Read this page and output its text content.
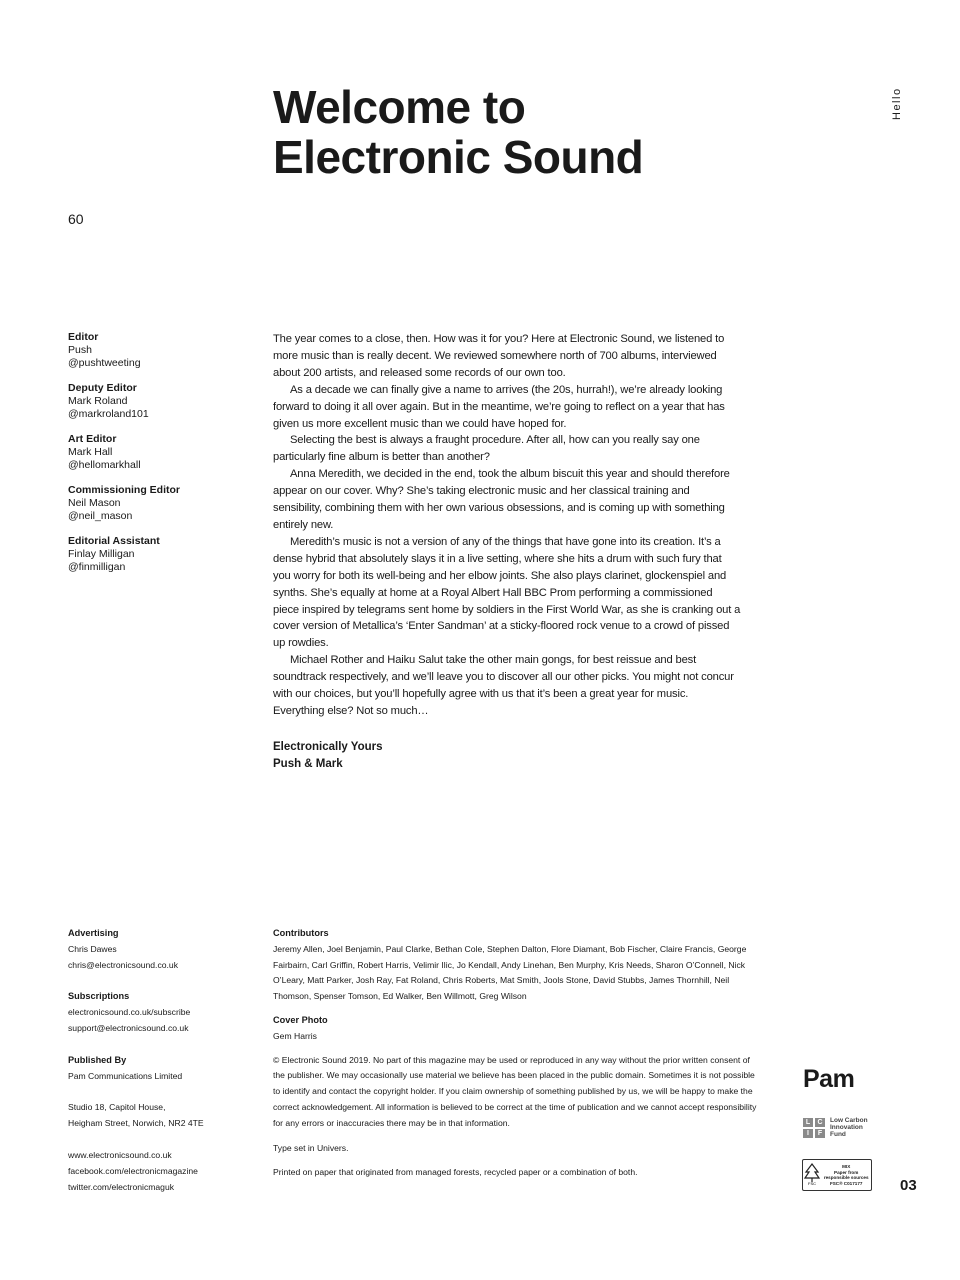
Welcome to
Electronic Sound
Hello
60
Editor
Push
@pushtweeting
Deputy Editor
Mark Roland
@markroland101
Art Editor
Mark Hall
@hellomarkhall
Commissioning Editor
Neil Mason
@neil_mason
Editorial Assistant
Finlay Milligan
@finmilligan

The year comes to a close, then. How was it for you? Here at Electronic Sound, we listened to more music than is really decent. We reviewed somewhere north of 700 albums, interviewed about 200 artists, and released some records of our own too.

As a decade we can finally give a name to arrives (the 20s, hurrah!), we’re already looking forward to doing it all over again. But in the meantime, we’re going to reflect on a year that has given us more excellent music than we could have hoped for.

Selecting the best is always a fraught procedure. After all, how can you really say one particularly fine album is better than another?

Anna Meredith, we decided in the end, took the album biscuit this year and should therefore appear on our cover. Why? She’s taking electronic music and her classical training and sensibility, combining them with her own various obsessions, and is coming up with something entirely new.

Meredith’s music is not a version of any of the things that have gone into its creation. It’s a dense hybrid that absolutely slays it in a live setting, where she hits a drum with such fury that you worry for both its well-being and her elbow joints. She also plays clarinet, glockenspiel and synths. She’s equally at home at a Royal Albert Hall BBC Prom performing a commissioned piece inspired by telegrams sent home by soldiers in the First World War, as she is cranking out a cover version of Metallica’s ‘Enter Sandman’ at a sticky-floored rock venue to a crowd of pissed up rowdies.

Michael Rother and Haiku Salut take the other main gongs, for best reissue and best soundtrack respectively, and we’ll leave you to discover all our other picks. You might not concur with our choices, but you’ll hopefully agree with us that it’s been a great year for music. Everything else? Not so much…

Electronically Yours
Push & Mark
Advertising
Chris Dawes
chris@electronicsound.co.uk
Subscriptions
electronicsound.co.uk/subscribe
support@electronicsound.co.uk
Published By
Pam Communications Limited
Studio 18, Capitol House,
Heigham Street, Norwich, NR2 4TE
www.electronicsound.co.uk
facebook.com/electronicmagazine
twitter.com/electronicmaguk
Contributors

Jeremy Allen, Joel Benjamin, Paul Clarke, Bethan Cole, Stephen Dalton, Flore Diamant, Bob Fischer, Claire Francis, George Fairbairn, Carl Griffin, Robert Harris, Velimir Ilic, Jo Kendall, Andy Linehan, Ben Murphy, Kris Needs, Sharon O’Connell, Nick O’Leary, Matt Parker, Josh Ray, Fat Roland, Chris Roberts, Mat Smith, Jools Stone, David Stubbs, James Thornhill, Neil Thomson, Spenser Tomson, Ed Walker, Ben Willmott, Greg Wilson

Cover Photo
Gem Harris

© Electronic Sound 2019. No part of this magazine may be used or reproduced in any way without the prior written consent of the publisher. We may occasionally use material we believe has been placed in the public domain. Sometimes it is not possible to identify and contact the copyright holder. If you claim ownership of something published by us, we will be happy to make the correct acknowledgement. All information is believed to be correct at the time of publication and we cannot accept responsibility for any errors or inaccuracies there may be in that information.

Type set in Univers.
Printed on paper that originated from managed forests, recycled paper or a combination of both.
Pam
L	C
I	F
Low Carbon Innovation Fund
FSC
MIX
Paper from responsible sources
FSC® C017177	03
